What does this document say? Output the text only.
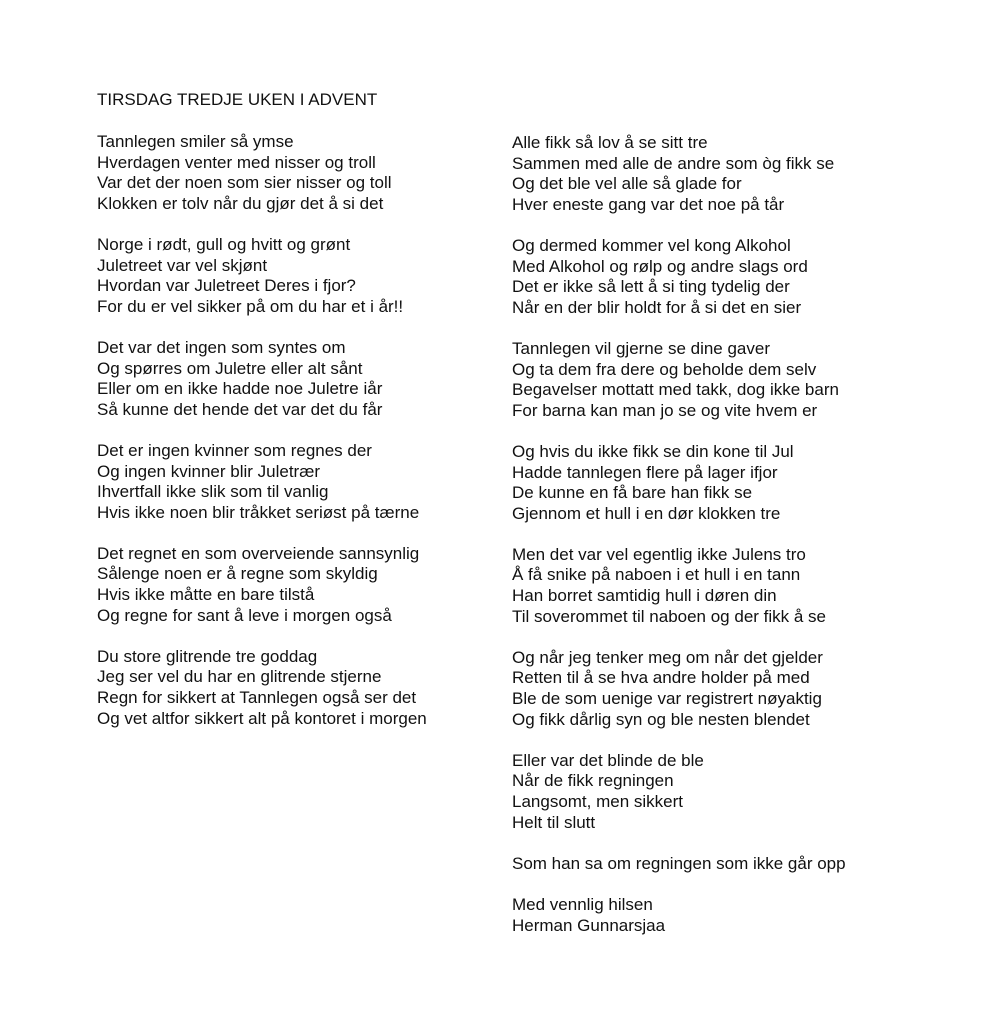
TIRSDAG TREDJE UKEN I ADVENT
Tannlegen smiler så ymse
Hverdagen venter med nisser og troll
Var det der noen som sier nisser og toll
Klokken er tolv når du gjør det å si det
Norge i rødt, gull og hvitt og grønt
Juletreet var vel skjønt
Hvordan var Juletreet Deres i fjor?
For du er vel sikker på om du har et i år!!
Det var det ingen som syntes om
Og spørres om Juletre eller alt sånt
Eller om en ikke hadde noe Juletre iår
Så kunne det hende det var det du får
Det er ingen kvinner som regnes der
Og ingen kvinner blir Juletrær
Ihvertfall ikke slik som til vanlig
Hvis ikke noen blir tråkket seriøst på tærne
Det regnet en som overveiende sannsynlig
Sålenge noen er å regne som skyldig
Hvis ikke måtte en bare tilstå
Og regne for sant å leve i morgen også
Du store glitrende tre goddag
Jeg ser vel du har en glitrende stjerne
Regn for sikkert at Tannlegen også ser det
Og vet altfor sikkert alt på kontoret i morgen
Alle fikk så lov å se sitt tre
Sammen med alle de andre som òg fikk se
Og det ble vel alle så glade for
Hver eneste gang var det noe på tår
Og dermed kommer vel kong Alkohol
Med Alkohol og rølp og andre slags ord
Det er ikke så lett å si ting tydelig der
Når en der blir holdt for å si det en sier
Tannlegen vil gjerne se dine gaver
Og ta dem fra dere og beholde dem selv
Begavelser mottatt med takk, dog ikke barn
For barna kan man jo se og vite hvem er
Og hvis du ikke fikk se din kone til Jul
Hadde tannlegen flere på lager ifjor
De kunne en få bare han fikk se
Gjennom et hull i en dør klokken tre
Men det var vel egentlig ikke Julens tro
Å få snike på naboen i et hull i en tann
Han borret samtidig hull i døren din
Til soverommet til naboen og der fikk å se
Og når jeg tenker meg om når det gjelder
Retten til å se hva andre holder på med
Ble de som uenige var registrert nøyaktig
Og fikk dårlig syn og ble nesten blendet
Eller var det blinde de ble
Når de fikk regningen
Langsomt, men sikkert
Helt til slutt
Som han sa om regningen som ikke går opp
Med vennlig hilsen
Herman Gunnarsjaa
